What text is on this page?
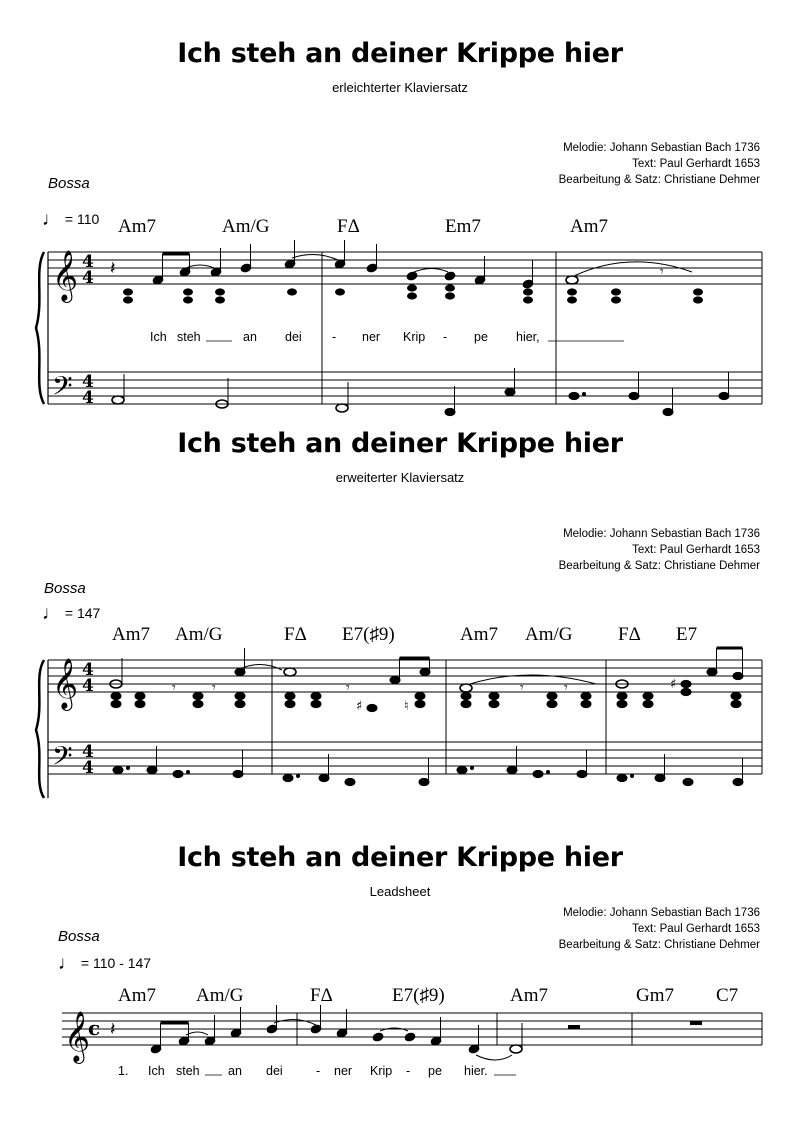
Ich steh an deiner Krippe hier
erleichterter Klaviersatz
Melodie: Johann Sebastian Bach 1736
Text: Paul Gerhardt 1653
Bearbeitung & Satz: Christiane Dehmer
Bossa
♩ = 110 Am7	Am/G	FΔ	Em7	Am7
𝄞
𝄢
4
4
4
4
𝄽	𝄾
Ich steh	an dei - ner Krip - pe hier,
Ich steh an deiner Krippe hier
erweiterter Klaviersatz
Melodie: Johann Sebastian Bach 1736
Text: Paul Gerhardt 1653
Bearbeitung & Satz: Christiane Dehmer
Bossa
♩ = 147
Am7 Am/G	FΔ E7(♯9)	Am7 Am/G FΔ E7
𝄞
𝄢
4
4
4
4
𝄾	𝄾	𝄾
♯	♮
𝄾	𝄾	♯
Ich steh an deiner Krippe hier
Leadsheet
Melodie: Johann Sebastian Bach 1736
Text: Paul Gerhardt 1653
Bearbeitung & Satz: Christiane Dehmer
Bossa
♩ = 110 - 147
Am7 Am/G	FΔ	E7(♯9)	Am7	Gm7 C7
𝄞
c 𝄽
1. Ich steh an dei	- ner Krip - pe hier.
